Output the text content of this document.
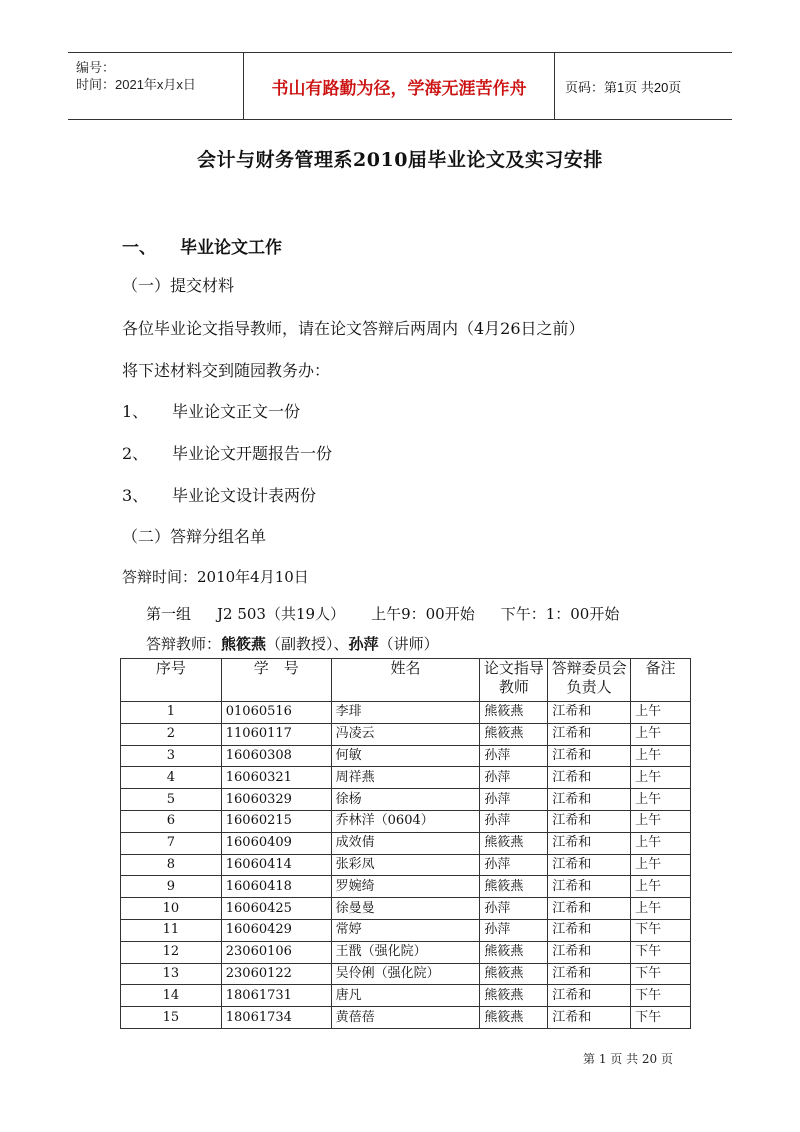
编号：
时间：2021年x月x日	书山有路勤为径，学海无涯苦作舟	页码：第1页 共20页
会计与财务管理系2010届毕业论文及实习安排
一、 毕业论文工作
（一）提交材料
各位毕业论文指导教师，请在论文答辩后两周内（4月26日之前）
将下述材料交到随园教务办：
1、 毕业论文正文一份
2、 毕业论文开题报告一份
3、 毕业论文设计表两份
（二）答辩分组名单
答辩时间：2010年4月10日
第一组 J2 503（共19人） 上午9：00开始 下午：1：00开始
答辩教师：熊筱燕（副教授）、孙萍（讲师）
序号	学　号	姓名	论文指导教师	答辩委员会负责人	备注
1	01060516	李琲	熊筱燕	江希和	上午
2	11060117	冯凌云	熊筱燕	江希和	上午
3	16060308	何敏	孙萍	江希和	上午
4	16060321	周祥燕	孙萍	江希和	上午
5	16060329	徐杨	孙萍	江希和	上午
6	16060215	乔林洋（0604）	孙萍	江希和	上午
7	16060409	成效倩	熊筱燕	江希和	上午
8	16060414	张彩凤	孙萍	江希和	上午
9	16060418	罗婉绮	熊筱燕	江希和	上午
10	16060425	徐曼曼	孙萍	江希和	上午
11	16060429	常婷	孙萍	江希和	下午
12	23060106	王戬（强化院）	熊筱燕	江希和	下午
13	23060122	吴伶俐（强化院）	熊筱燕	江希和	下午
14	18061731	唐凡	熊筱燕	江希和	下午
15	18061734	黄蓓蓓	熊筱燕	江希和	下午
第 1 页 共 20 页
